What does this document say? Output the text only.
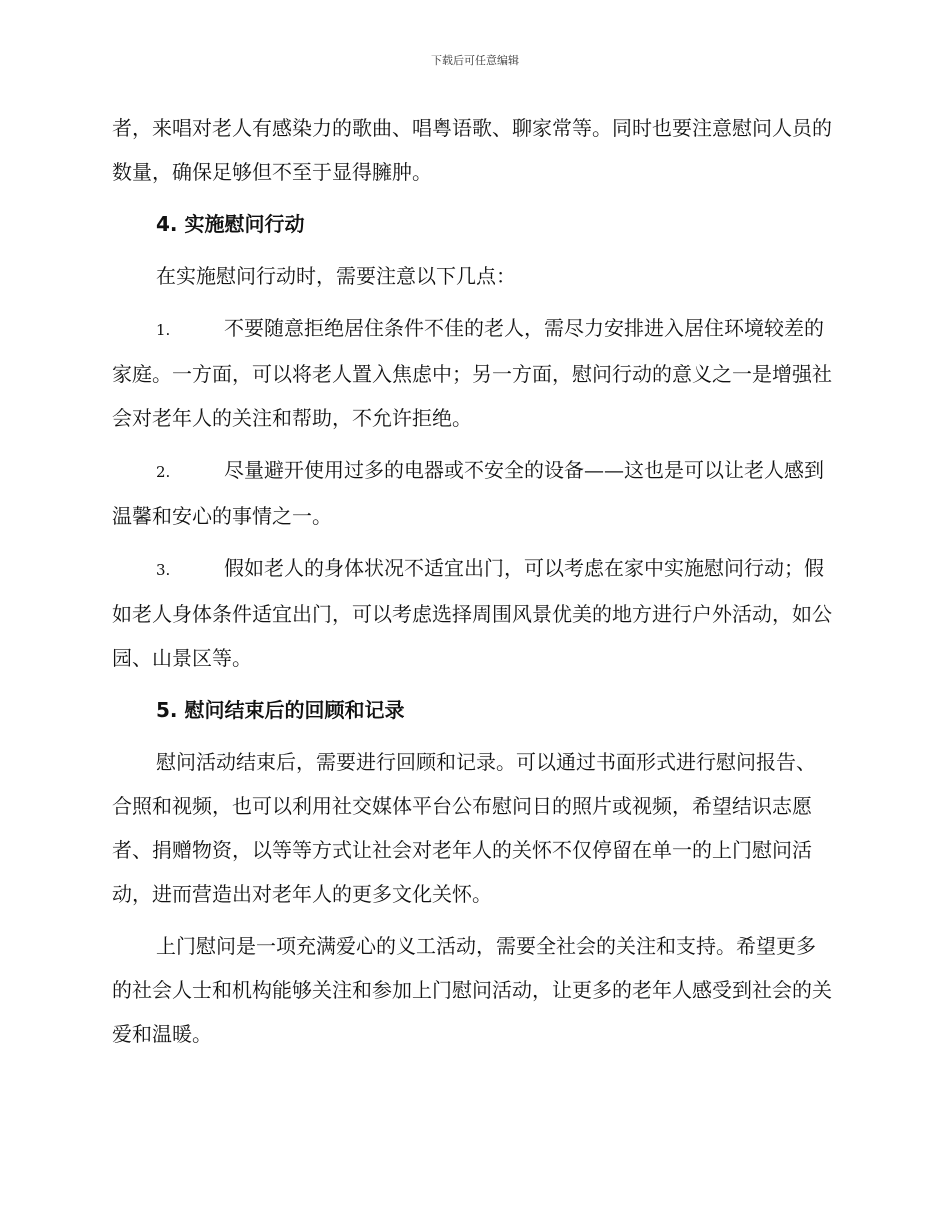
下载后可任意编辑

者，来唱对老人有感染力的歌曲、唱粤语歌、聊家常等。同时也要注意慰问人员的数量，确保足够但不至于显得臃肿。

4. 实施慰问行动

在实施慰问行动时，需要注意以下几点：

1.	不要随意拒绝居住条件不佳的老人，需尽力安排进入居住环境较差的家庭。一方面，可以将老人置入焦虑中；另一方面，慰问行动的意义之一是增强社会对老年人的关注和帮助，不允许拒绝。

2.	尽量避开使用过多的电器或不安全的设备——这也是可以让老人感到温馨和安心的事情之一。

3.	假如老人的身体状况不适宜出门，可以考虑在家中实施慰问行动；假如老人身体条件适宜出门，可以考虑选择周围风景优美的地方进行户外活动，如公园、山景区等。

5. 慰问结束后的回顾和记录

慰问活动结束后，需要进行回顾和记录。可以通过书面形式进行慰问报告、合照和视频，也可以利用社交媒体平台公布慰问日的照片或视频，希望结识志愿者、捐赠物资，以等等方式让社会对老年人的关怀不仅停留在单一的上门慰问活动，进而营造出对老年人的更多文化关怀。

上门慰问是一项充满爱心的义工活动，需要全社会的关注和支持。希望更多的社会人士和机构能够关注和参加上门慰问活动，让更多的老年人感受到社会的关爱和温暖。
